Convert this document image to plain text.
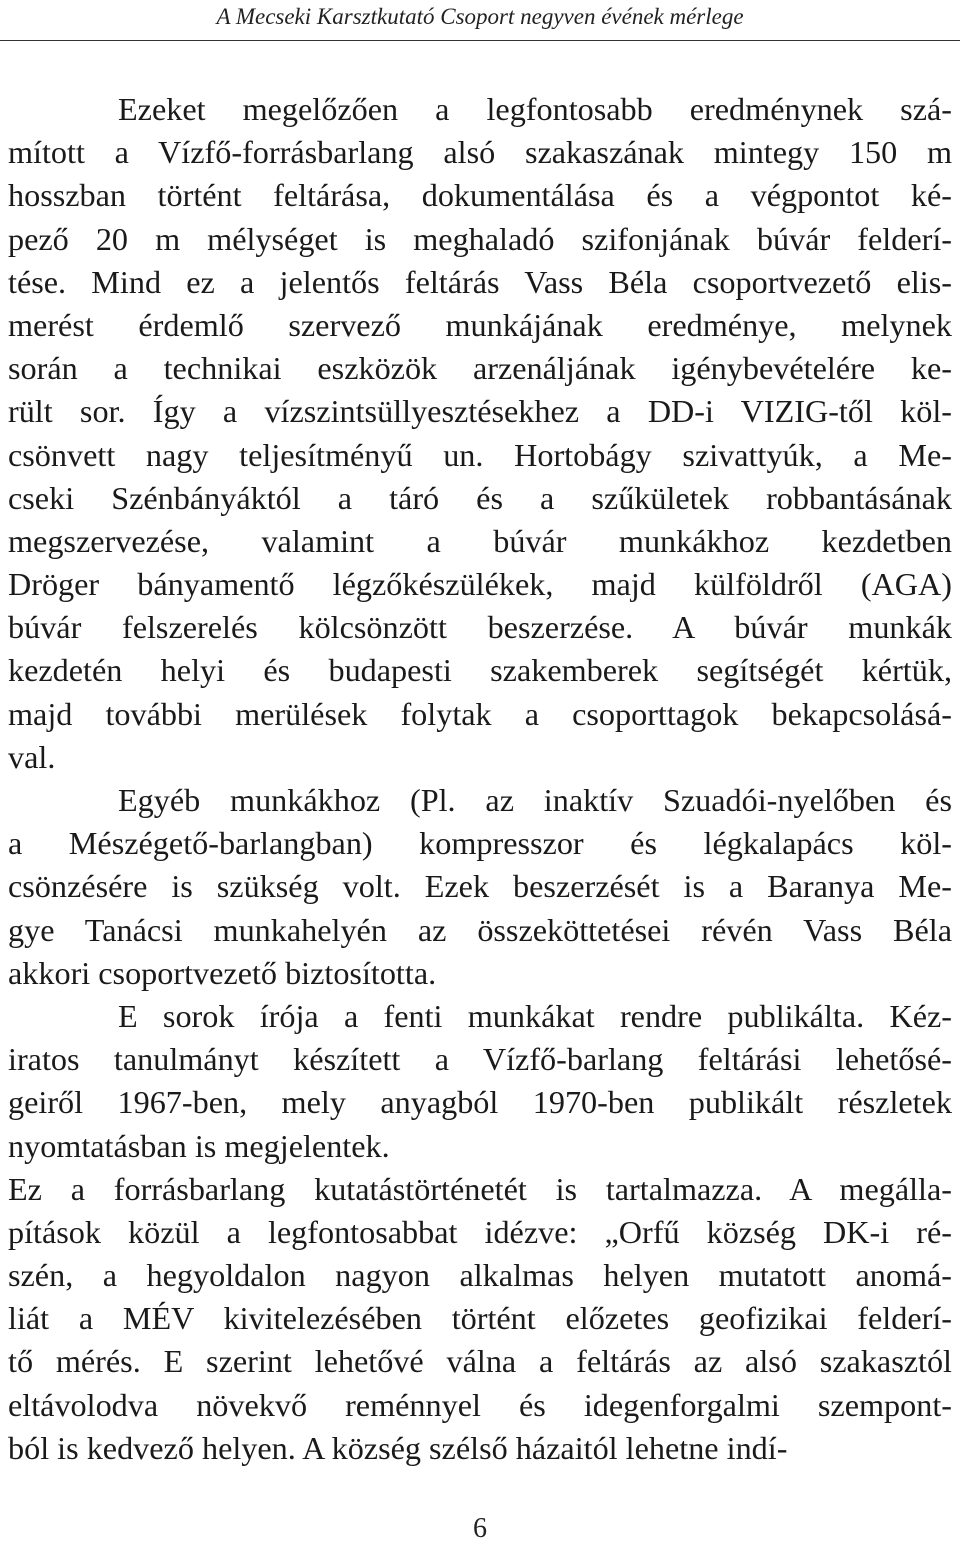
A Mecseki Karsztkutató Csoport negyven évének mérlege

Ezeket megelőzően a legfontosabb eredménynek szá-
mított a Vízfő-forrásbarlang alsó szakaszának mintegy 150 m
hosszban történt feltárása, dokumentálása és a végpontot ké-
pező 20 m mélységet is meghaladó szifonjának búvár felderí-
tése. Mind ez a jelentős feltárás Vass Béla csoportvezető elis-
merést érdemlő szervező munkájának eredménye, melynek
során a technikai eszközök arzenáljának igénybevételére ke-
rült sor. Így a vízszintsüllyesztésekhez a DD-i VIZIG-től köl-
csönvett nagy teljesítményű un. Hortobágy szivattyúk, a Me-
cseki Szénbányáktól a táró és a szűkületek robbantásának
megszervezése, valamint a búvár munkákhoz kezdetben
Dröger bányamentő légzőkészülékek, majd külföldről (AGA)
búvár felszerelés kölcsönzött beszerzése. A búvár munkák
kezdetén helyi és budapesti szakemberek segítségét kértük,
majd további merülések folytak a csoporttagok bekapcsolásá-
val.

Egyéb munkákhoz (Pl. az inaktív Szuadói-nyelőben és
a Mészégető-barlangban) kompresszor és légkalapács köl-
csönzésére is szükség volt. Ezek beszerzését is a Baranya Me-
gye Tanácsi munkahelyén az összeköttetései révén Vass Béla
akkori csoportvezető biztosította.

E sorok írója a fenti munkákat rendre publikálta. Kéz-
iratos tanulmányt készített a Vízfő-barlang feltárási lehetősé-
geiről 1967-ben, mely anyagból 1970-ben publikált részletek
nyomtatásban is megjelentek.

Ez a forrásbarlang kutatástörténetét is tartalmazza. A megálla-
pítások közül a legfontosabbat idézve: „Orfű község DK-i ré-
szén, a hegyoldalon nagyon alkalmas helyen mutatott anomá-
liát a MÉV kivitelezésében történt előzetes geofizikai felderí-
tő mérés. E szerint lehetővé válna a feltárás az alsó szakasztól
eltávolodva növekvő reménnyel és idegenforgalmi szempont-
ból is kedvező helyen. A község szélső házaitól lehetne indí-

6
